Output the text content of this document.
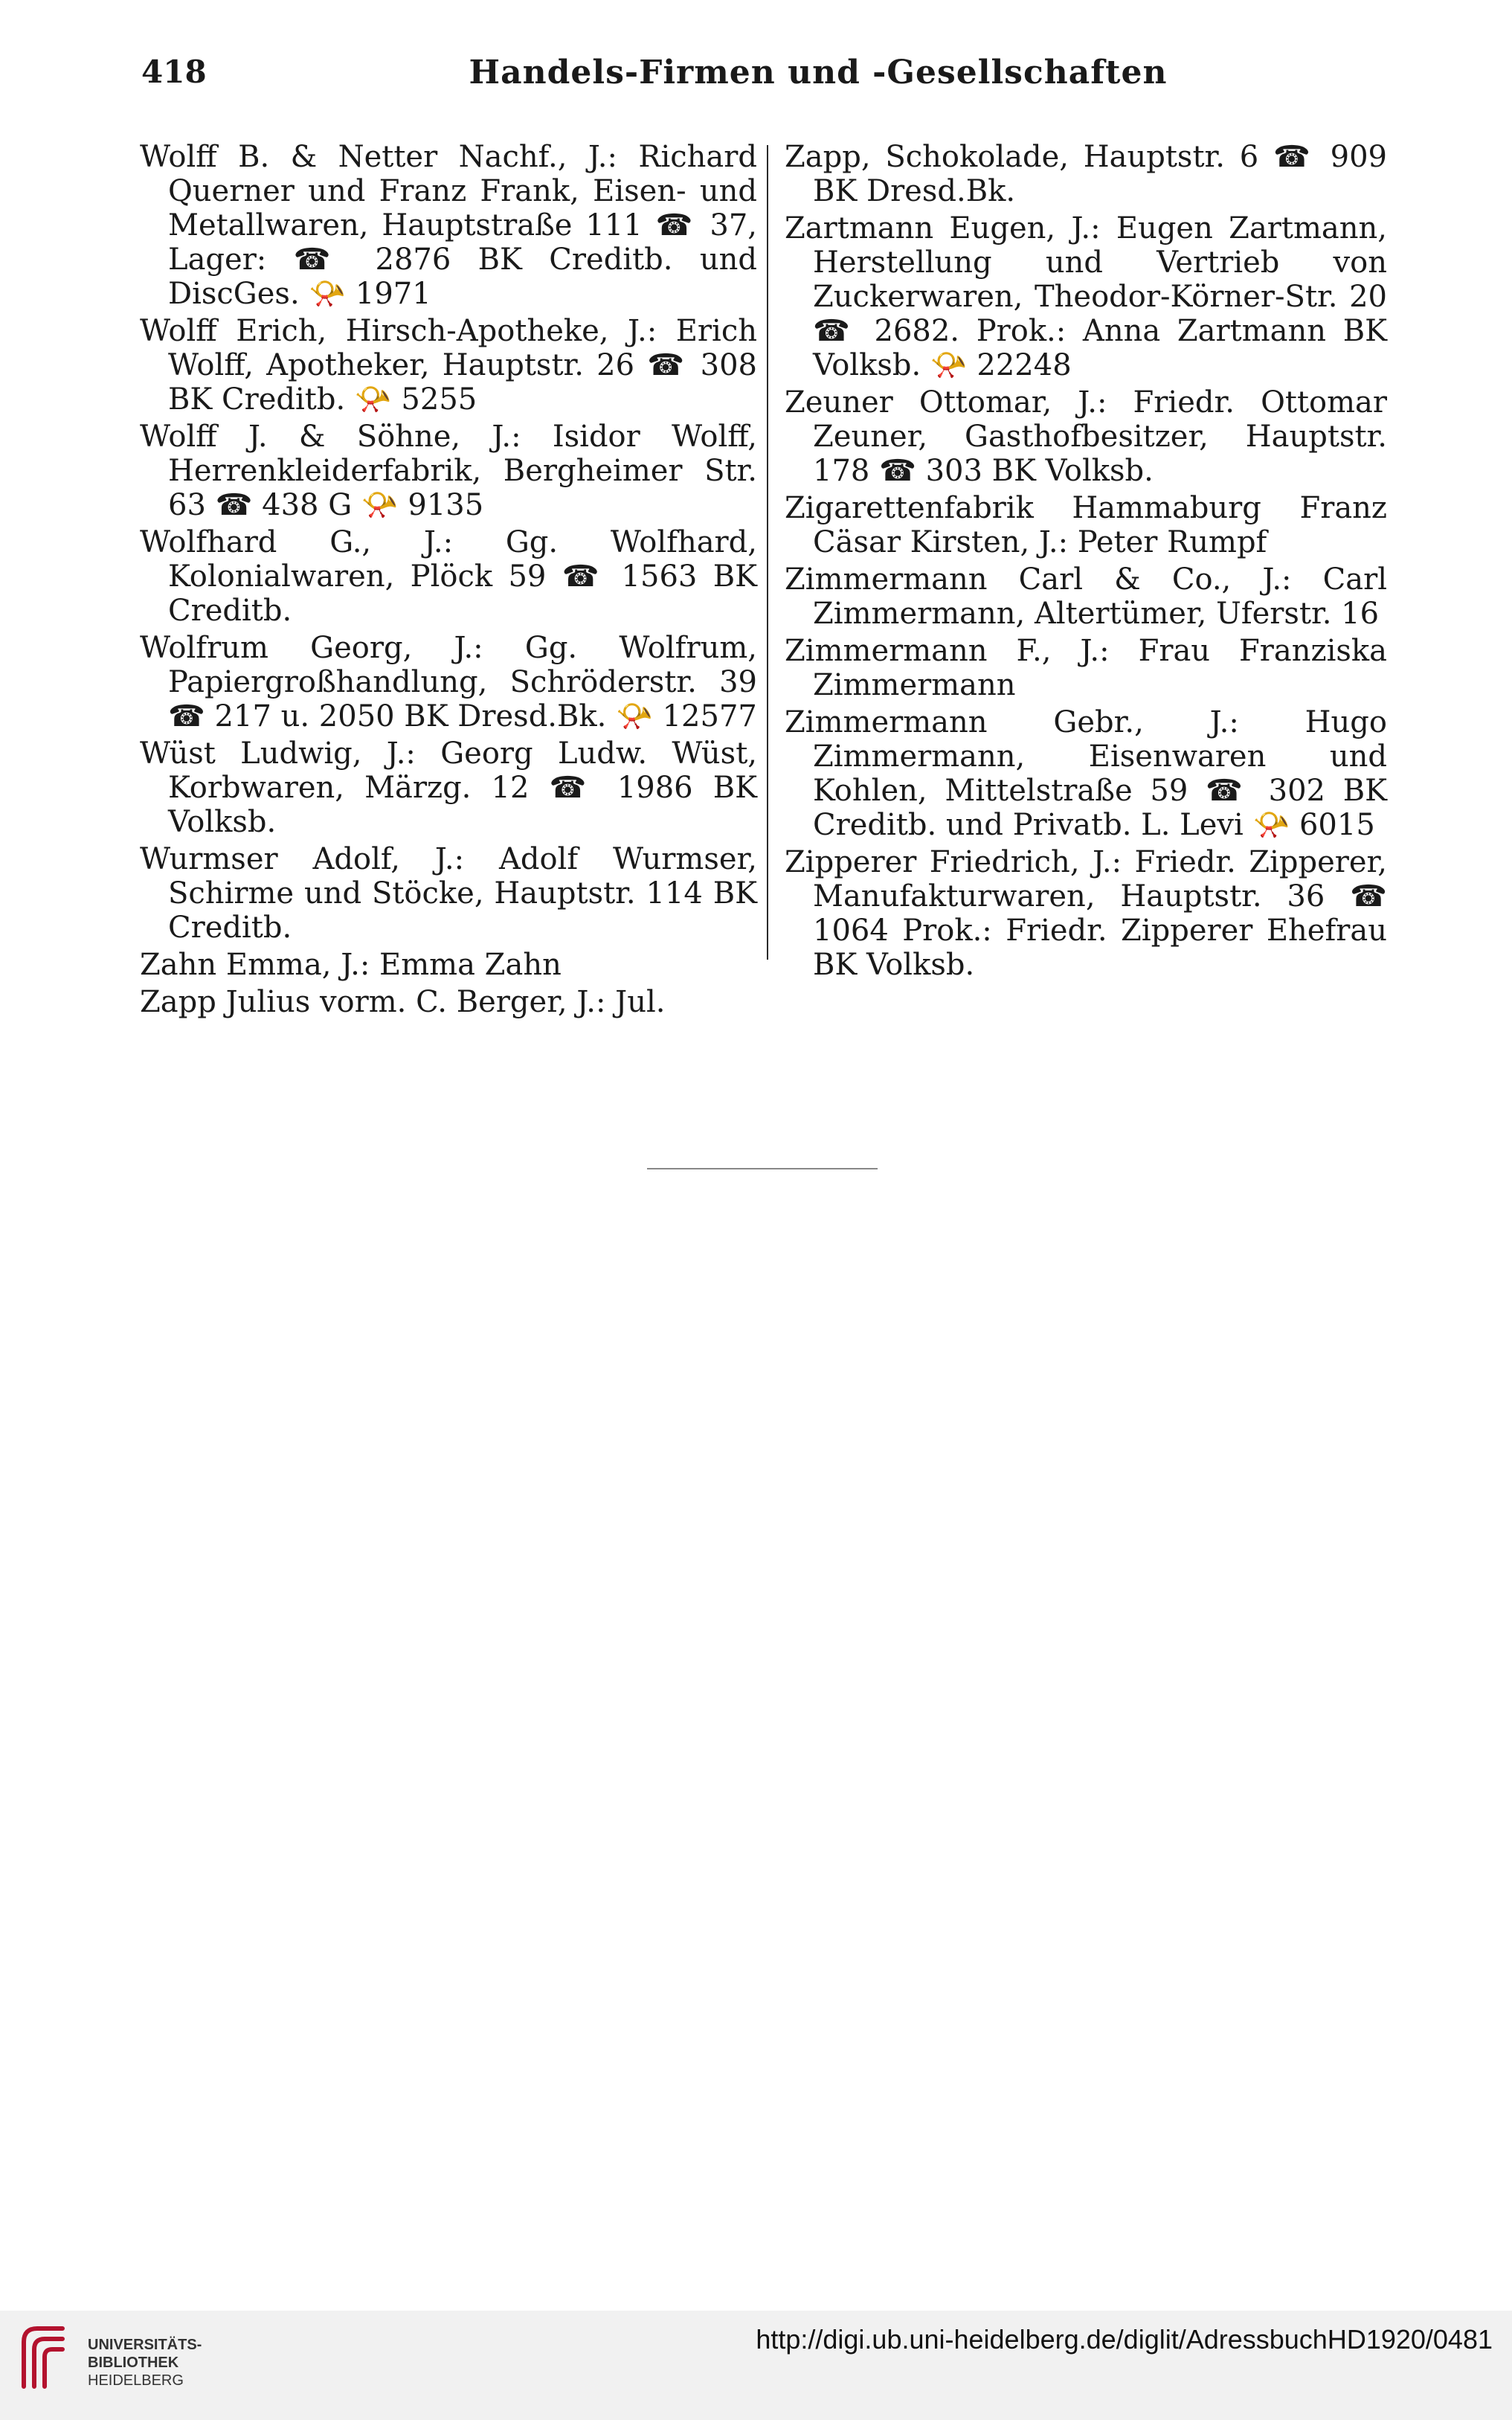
418	Handels-Firmen und -Gesellschaften

Wolff B. & Netter Nachf., J.: Richard Querner und Franz Frank, Eisen- und Metallwaren, Hauptstraße 111 ☎ 37, Lager: ☎ 2876 BK Creditb. und DiscGes. 📯 1971

Wolff Erich, Hirsch-Apotheke, J.: Erich Wolff, Apotheker, Hauptstr. 26 ☎ 308 BK Creditb. 📯 5255

Wolff J. & Söhne, J.: Isidor Wolff, Herrenkleiderfabrik, Bergheimer Str. 63 ☎ 438 G 📯 9135

Wolfhard G., J.: Gg. Wolfhard, Kolonialwaren, Plöck 59 ☎ 1563 BK Creditb.

Wolfrum Georg, J.: Gg. Wolfrum, Papiergroßhandlung, Schröderstr. 39 ☎ 217 u. 2050 BK Dresd.Bk. 📯 12577

Wüst Ludwig, J.: Georg Ludw. Wüst, Korbwaren, Märzg. 12 ☎ 1986 BK Volksb.

Wurmser Adolf, J.: Adolf Wurmser, Schirme und Stöcke, Hauptstr. 114 BK Creditb.

Zahn Emma, J.: Emma Zahn

Zapp Julius vorm. C. Berger, J.: Jul.

Zapp, Schokolade, Hauptstr. 6 ☎ 909 BK Dresd.Bk.

Zartmann Eugen, J.: Eugen Zartmann, Herstellung und Vertrieb von Zuckerwaren, Theodor-Körner-Str. 20 ☎ 2682. Prok.: Anna Zartmann BK Volksb. 📯 22248

Zeuner Ottomar, J.: Friedr. Ottomar Zeuner, Gasthofbesitzer, Hauptstr. 178 ☎ 303 BK Volksb.

Zigarettenfabrik Hammaburg Franz Cäsar Kirsten, J.: Peter Rumpf

Zimmermann Carl & Co., J.: Carl Zimmermann, Altertümer, Uferstr. 16

Zimmermann F., J.: Frau Franziska Zimmermann

Zimmermann Gebr., J.: Hugo Zimmermann, Eisenwaren und Kohlen, Mittelstraße 59 ☎ 302 BK Creditb. und Privatb. L. Levi 📯 6015

Zipperer Friedrich, J.: Friedr. Zipperer, Manufakturwaren, Hauptstr. 36 ☎ 1064 Prok.: Friedr. Zipperer Ehefrau BK Volksb.

UNIVERSITÄTS-
BIBLIOTHEK
HEIDELBERG
http://digi.ub.uni-heidelberg.de/diglit/AdressbuchHD1920/0481
